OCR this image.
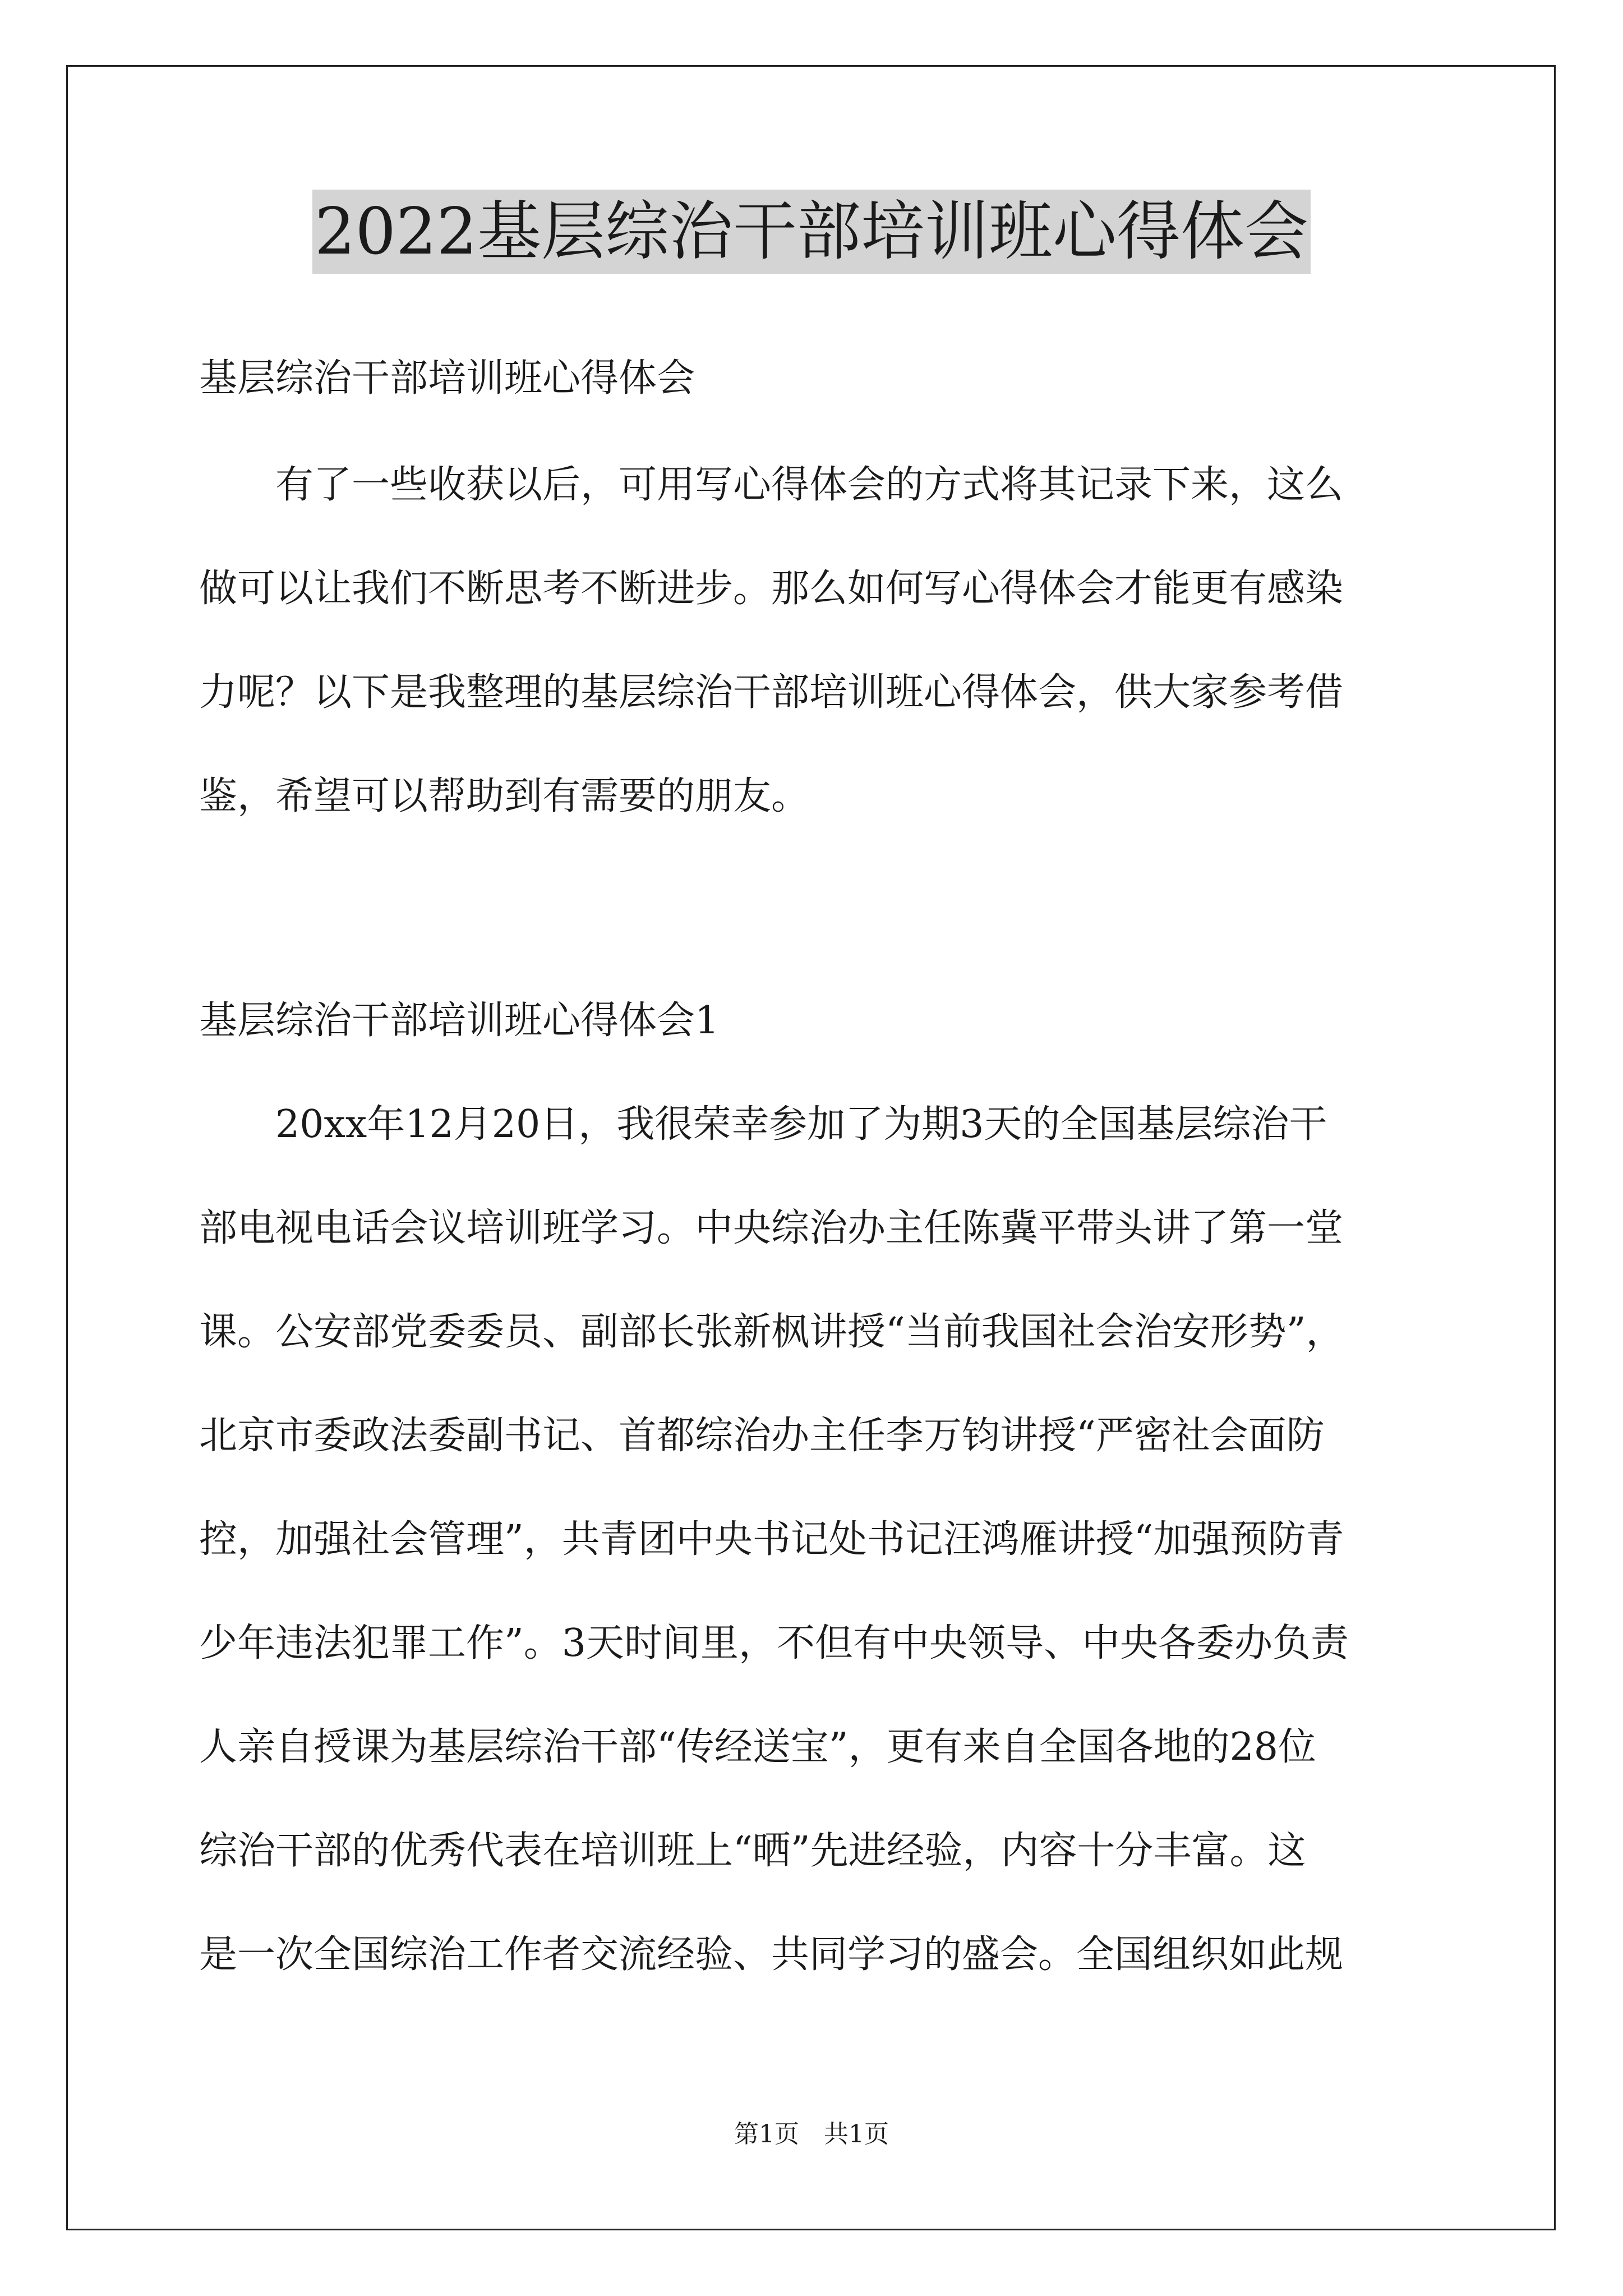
2022基层综治干部培训班心得体会
基层综治干部培训班心得体会
　　有了一些收获以后，可用写心得体会的方式将其记录下来，这么
做可以让我们不断思考不断进步。那么如何写心得体会才能更有感染
力呢？以下是我整理的基层综治干部培训班心得体会，供大家参考借
鉴，希望可以帮助到有需要的朋友。
基层综治干部培训班心得体会1
　　20xx年12月20日，我很荣幸参加了为期3天的全国基层综治干
部电视电话会议培训班学习。中央综治办主任陈冀平带头讲了第一堂
课。公安部党委委员、副部长张新枫讲授“当前我国社会治安形势”，
北京市委政法委副书记、首都综治办主任李万钧讲授“严密社会面防
控，加强社会管理”，共青团中央书记处书记汪鸿雁讲授“加强预防青
少年违法犯罪工作”。3天时间里，不但有中央领导、中央各委办负责
人亲自授课为基层综治干部“传经送宝”，更有来自全国各地的28位
综治干部的优秀代表在培训班上“晒”先进经验，内容十分丰富。这
是一次全国综治工作者交流经验、共同学习的盛会。全国组织如此规
第1页　共1页
